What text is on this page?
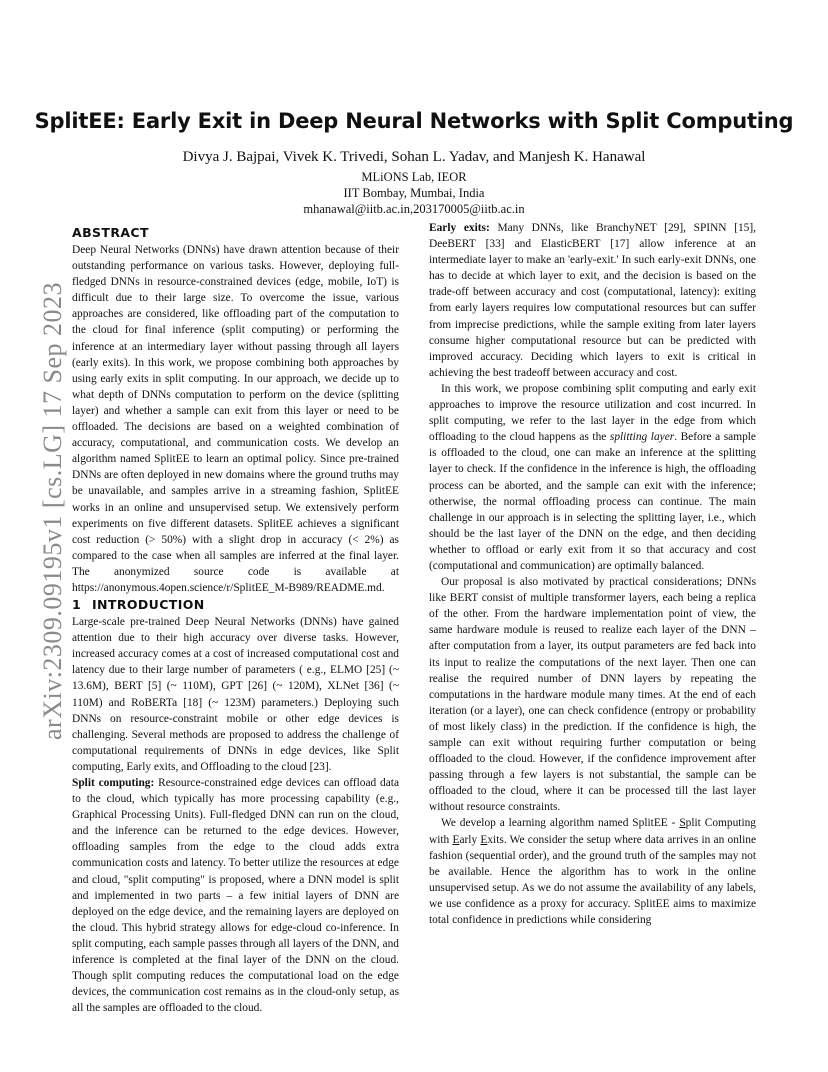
arXiv:2309.09195v1 [cs.LG] 17 Sep 2023
SplitEE: Early Exit in Deep Neural Networks with Split Computing
Divya J. Bajpai, Vivek K. Trivedi, Sohan L. Yadav, and Manjesh K. Hanawal
MLiONS Lab, IEOR
IIT Bombay, Mumbai, India
mhanawal@iitb.ac.in,203170005@iitb.ac.in
ABSTRACT

Deep Neural Networks (DNNs) have drawn attention because of their outstanding performance on various tasks. However, deploying full-fledged DNNs in resource-constrained devices (edge, mobile, IoT) is difficult due to their large size. To overcome the issue, various approaches are considered, like offloading part of the computation to the cloud for final inference (split computing) or performing the inference at an intermediary layer without passing through all layers (early exits). In this work, we propose combining both approaches by using early exits in split computing. In our approach, we decide up to what depth of DNNs computation to perform on the device (splitting layer) and whether a sample can exit from this layer or need to be offloaded. The decisions are based on a weighted combination of accuracy, computational, and communication costs. We develop an algorithm named SplitEE to learn an optimal policy. Since pre-trained DNNs are often deployed in new domains where the ground truths may be unavailable, and samples arrive in a streaming fashion, SplitEE works in an online and unsupervised setup. We extensively perform experiments on five different datasets. SplitEE achieves a significant cost reduction (> 50%) with a slight drop in accuracy (< 2%) as compared to the case when all samples are inferred at the final layer. The anonymized source code is available at https://anonymous.4open.science/r/SplitEE_M-B989/README.md.

1 INTRODUCTION

Large-scale pre-trained Deep Neural Networks (DNNs) have gained attention due to their high accuracy over diverse tasks. However, increased accuracy comes at a cost of increased computational cost and latency due to their large number of parameters ( e.g., ELMO [25] (~ 13.6M), BERT [5] (~ 110M), GPT [26] (~ 120M), XLNet [36] (~ 110M) and RoBERTa [18] (~ 123M) parameters.) Deploying such DNNs on resource-constraint mobile or other edge devices is challenging. Several methods are proposed to address the challenge of computational requirements of DNNs in edge devices, like Split computing, Early exits, and Offloading to the cloud [23].

Split computing: Resource-constrained edge devices can offload data to the cloud, which typically has more processing capability (e.g., Graphical Processing Units). Full-fledged DNN can run on the cloud, and the inference can be returned to the edge devices. However, offloading samples from the edge to the cloud adds extra communication costs and latency. To better utilize the resources at edge and cloud, "split computing" is proposed, where a DNN model is split and implemented in two parts – a few initial layers of DNN are deployed on the edge device, and the remaining layers are deployed on the cloud. This hybrid strategy allows for edge-cloud co-inference. In split computing, each sample passes through all layers of the DNN, and inference is completed at the final layer of the DNN on the cloud. Though split computing reduces the computational load on the edge devices, the communication cost remains as in the cloud-only setup, as all the samples are offloaded to the cloud.

Early exits: Many DNNs, like BranchyNET [29], SPINN [15], DeeBERT [33] and ElasticBERT [17] allow inference at an intermediate layer to make an 'early-exit.' In such early-exit DNNs, one has to decide at which layer to exit, and the decision is based on the trade-off between accuracy and cost (computational, latency): exiting from early layers requires low computational resources but can suffer from imprecise predictions, while the sample exiting from later layers consume higher computational resource but can be predicted with improved accuracy. Deciding which layers to exit is critical in achieving the best tradeoff between accuracy and cost.

In this work, we propose combining split computing and early exit approaches to improve the resource utilization and cost incurred. In split computing, we refer to the last layer in the edge from which offloading to the cloud happens as the splitting layer. Before a sample is offloaded to the cloud, one can make an inference at the splitting layer to check. If the confidence in the inference is high, the offloading process can be aborted, and the sample can exit with the inference; otherwise, the normal offloading process can continue. The main challenge in our approach is in selecting the splitting layer, i.e., which should be the last layer of the DNN on the edge, and then deciding whether to offload or early exit from it so that accuracy and cost (computational and communication) are optimally balanced.

Our proposal is also motivated by practical considerations; DNNs like BERT consist of multiple transformer layers, each being a replica of the other. From the hardware implementation point of view, the same hardware module is reused to realize each layer of the DNN – after computation from a layer, its output parameters are fed back into its input to realize the computations of the next layer. Then one can realise the required number of DNN layers by repeating the computations in the hardware module many times. At the end of each iteration (or a layer), one can check confidence (entropy or probability of most likely class) in the prediction. If the confidence is high, the sample can exit without requiring further computation or being offloaded to the cloud. However, if the confidence improvement after passing through a few layers is not substantial, the sample can be offloaded to the cloud, where it can be processed till the last layer without resource constraints.

We develop a learning algorithm named SplitEE - Split Computing with Early Exits. We consider the setup where data arrives in an online fashion (sequential order), and the ground truth of the samples may not be available. Hence the algorithm has to work in the online unsupervised setup. As we do not assume the availability of any labels, we use confidence as a proxy for accuracy. SplitEE aims to maximize total confidence in predictions while considering
